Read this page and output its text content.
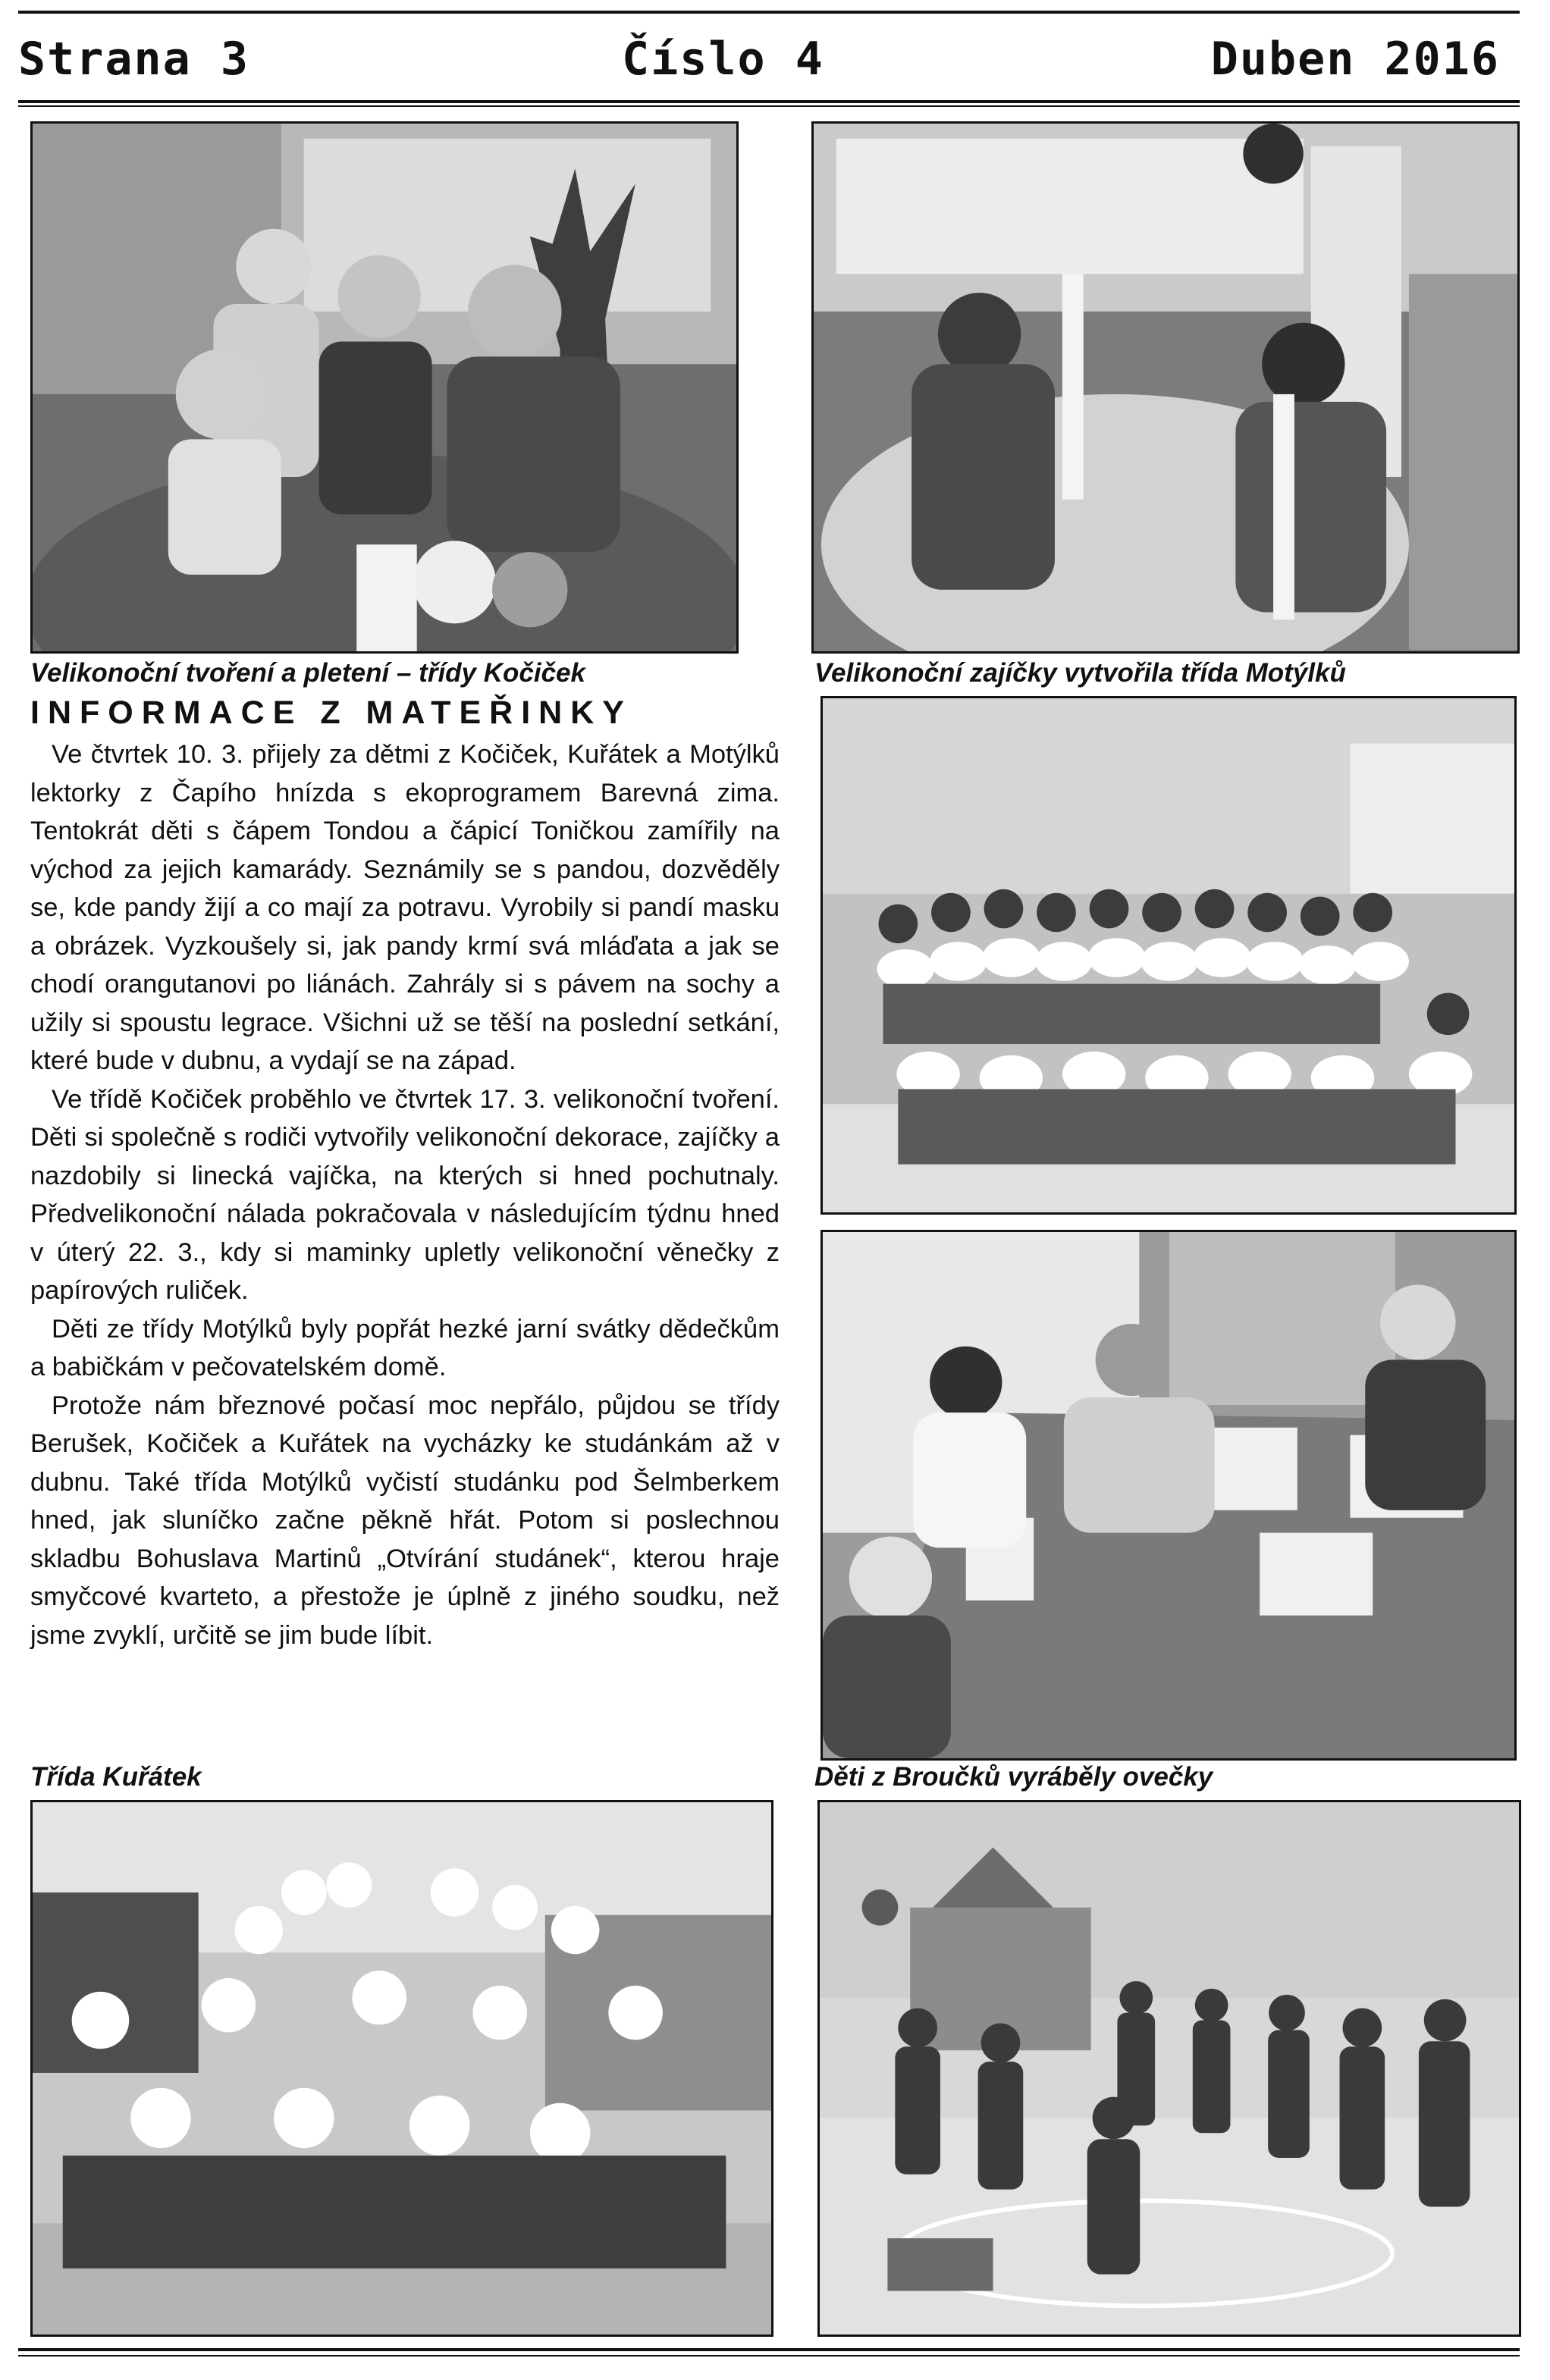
Strana 3	Číslo 4	Duben 2016
Velikonoční tvoření a pletení – třídy Kočiček	Velikonoční zajíčky vytvořila třída Motýlků
INFORMACE Z MATEŘINKY

Ve čtvrtek 10. 3. přijely za dětmi z Kočiček, Kuřátek a Motýlků lektorky z Čapího hnízda s ekoprogramem Barevná zima. Tentokrát děti s čápem Tondou a čápicí Toničkou zamířily na východ za jejich kamarády. Seznámily se s pandou, dozvěděly se, kde pandy žijí a co mají za potravu. Vyrobily si pandí masku a obrázek. Vyzkoušely si, jak pandy krmí svá mláďata a jak se chodí orangutanovi po liánách. Zahrály si s pávem na sochy a užily si spoustu legrace. Všichni už se těší na poslední setkání, které bude v dubnu, a vydají se na západ.

Ve třídě Kočiček proběhlo ve čtvrtek 17. 3. velikonoční tvoření. Děti si společně s rodiči vytvořily velikonoční dekorace, zajíčky a nazdobily si linecká vajíčka, na kterých si hned pochutnaly. Předvelikonoční nálada pokračovala v následujícím týdnu hned v úterý 22. 3., kdy si maminky upletly velikonoční věnečky z papírových ruliček.

Děti ze třídy Motýlků byly popřát hezké jarní svátky dědečkům a babičkám v pečovatelském domě.

Protože nám březnové počasí moc nepřálo, půjdou se třídy Berušek, Kočiček a Kuřátek na vycházky ke studánkám až v dubnu. Také třída Motýlků vyčistí studánku pod Šelmberkem hned, jak sluníčko začne pěkně hřát. Potom si poslechnou skladbu Bohuslava Martinů „Otvírání studánek“, kterou hraje smyčcové kvarteto, a přestože je úplně z jiného soudku, než jsme zvyklí, určitě se jim bude líbit.

Třída Kuřátek	Děti z Broučků vyráběly ovečky
